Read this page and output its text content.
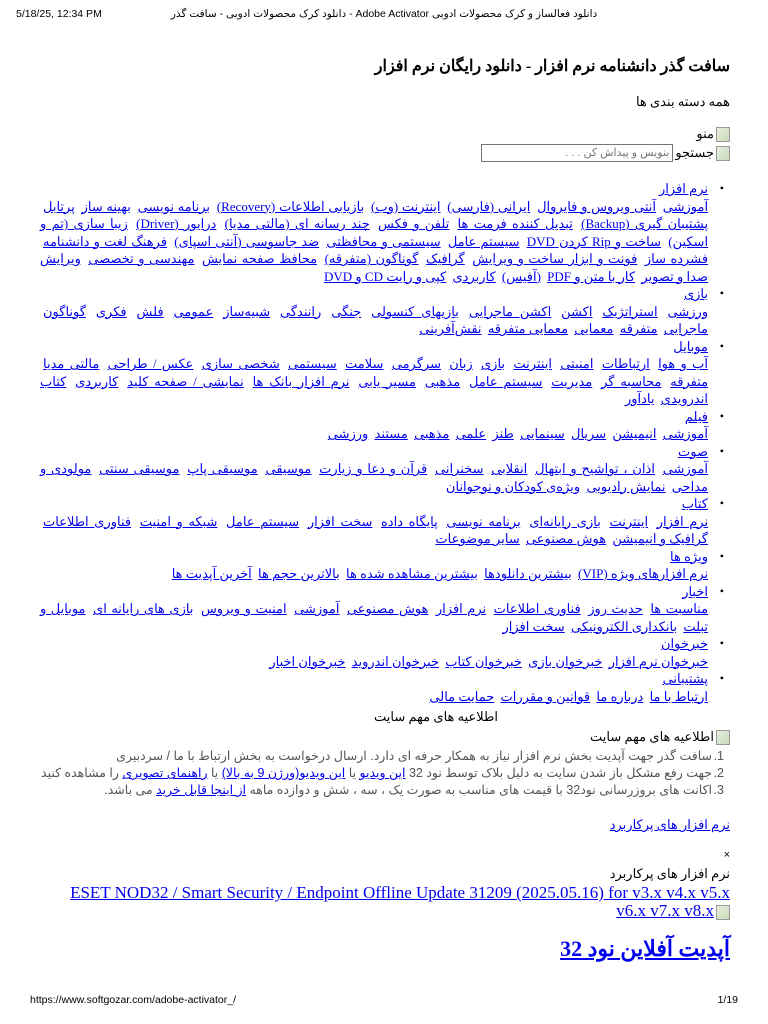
5/18/25, 12:34 PM	دانلود کرک محصولات ادوبی - سافت گذر - Adobe Activator دانلود فعالساز و کرک محصولات ادوبی
سافت گذر دانشنامه نرم افزار - دانلود رایگان نرم افزار
همه دسته بندی ها
منو
جستجو
بنویس و پیداش کن . . .
• نرم افزار
آموزشی آنتی ویروس و فایروال ایرانی (فارسی) اینترنت (وب) بازیابی اطلاعات (Recovery) برنامه نویسی بهینه ساز پرتابل پشتیبان گیری (Backup) تبدیل کننده فرمت ها تلفن و فکس چند رسانه ای (مالتی مدیا) درایور (Driver) زیبا سازی (تم و اسکین) ساخت و Rip کردن DVD سیستم عامل سیستمی و محافظتی ضد جاسوسی (آنتی اسپای) فرهنگ لغت و دانشنامه فشرده ساز فونت و ابزار ساخت و ویرایش گرافیک گوناگون (متفرقه) محافظ صفحه نمایش مهندسی و تخصصی ویرایش صدا و تصویر کار با متن و PDF (آفیس) کاربردی کپی و رایت CD و DVD
• بازی
ورزشی استراتژیک اکشن اکشن ماجرایی بازیهای کنسولی جنگی رانندگی شبیه‌ساز عمومی فلش فکری گوناگون ماجرایی متفرقه معمایی معمایی متفرقه نقش‌آفرینی
• موبایل
آب و هوا ارتباطات امنیتی اینترنت بازی زبان سرگرمی سلامت سیستمی شخصی سازی عکس / طراحی مالتی مدیا متفرقه محاسبه گر مدیریت سیستم عامل مذهبی مسیر یابی نرم افزار بانک ها نمایشی / صفحه کلید کاربردی کتاب اندرویدی یادآور
• فیلم
آموزشی انیمیشن سریال سینمایی طنز علمی مذهبی مستند ورزشی
• صوت
آموزشی اذان ، تواشیح و ابتهال انقلابی سخنرانی قرآن و دعا و زیارت موسیقی موسیقی پاپ موسیقی سنتی مولودی و مداحی نمایش رادیویی ویژه‌ی کودکان و نوجوانان
• کتاب
نرم افزار اینترنت بازی رایانه‌ای برنامه نویسی پایگاه داده سخت افزار سیستم عامل شبکه و امنیت فناوری اطلاعات گرافیک و انیمیشن هوش مصنوعی سایر موضوعات
• ویژه ها
نرم افزارهای ویژه (VIP) بیشترین دانلودها بیشترین مشاهده شده ها بالاترین حجم ها آخرین آپدیت ها
• اخبار
مناسبت ها حدیث روز فناوری اطلاعات نرم افزار هوش مصنوعی آموزشی امنیت و ویروس بازی های رایانه ای موبایل و تبلت بانکداری الکترونیکی سخت افزار
• خبرخوان
خبرخوان نرم افزار خبرخوان بازی خبرخوان کتاب خبرخوان اندروید خبرخوان اخبار
• پشتیبانی
ارتباط با ما درباره ما قوانین و مقررات حمایت مالی
اطلاعیه های مهم سایت
اطلاعیه های مهم سایت
1.
سافت گذر جهت آپدیت بخش نرم افزار نیاز به همکار حرفه ای دارد. ارسال درخواست به بخش ارتباط با ما / سردبیری
2.
جهت رفع مشکل باز شدن سایت به دلیل بلاک توسط نود 32 این ویدیو یا این ویدیو(ورژن 9 به بالا) یا راهنمای تصویری را مشاهده کنید
3.
اکانت های بروزرسانی نود32 با قیمت های مناسب به صورت یک ، سه ، شش و دوازده ماهه از اینجا قابل خرید می باشد.
نرم افزار های پرکاربرد
×
نرم افزار های پرکاربرد
ESET NOD32 / Smart Security / Endpoint Offline Update 31209 (2025.05.16) for v3.x v4.x v5.x v6.x v7.x v8.x
آپدیت آفلاین نود 32
https://www.softgozar.com/adobe-activator_/	1/19
